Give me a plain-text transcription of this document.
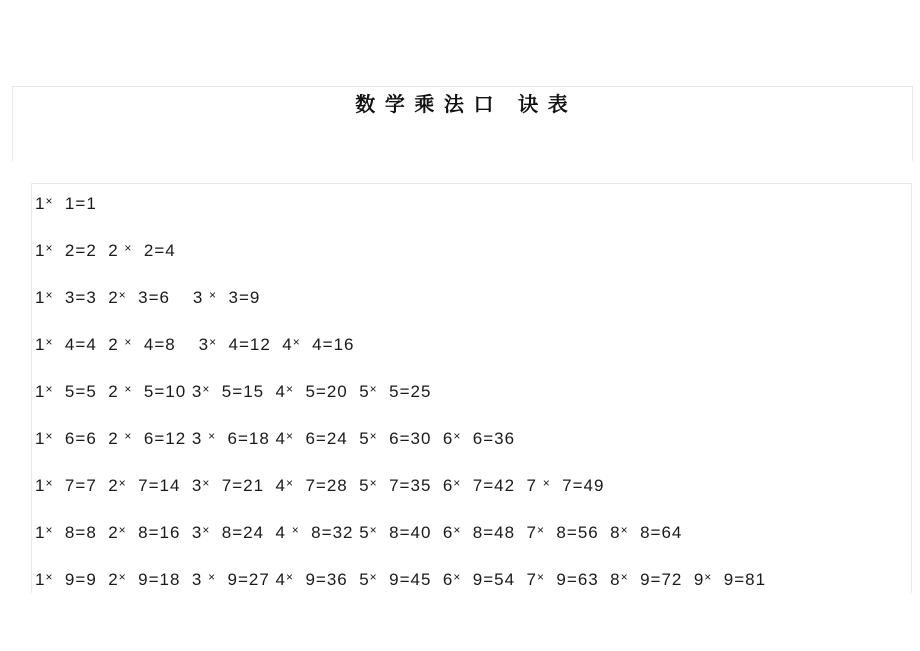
数 学 乘 法 口   诀 表
1×  1=1
1×  2=2  2 ×  2=4
1×  3=3  2×  3=6    3 ×  3=9
1×  4=4  2 ×  4=8    3×  4=12  4×  4=16
1×  5=5  2 ×  5=10 3×  5=15  4×  5=20  5×  5=25
1×  6=6  2 ×  6=12 3 ×  6=18 4×  6=24  5×  6=30  6×  6=36
1×  7=7  2×  7=14  3×  7=21  4×  7=28  5×  7=35  6×  7=42  7 ×  7=49
1×  8=8  2×  8=16  3×  8=24  4 ×  8=32 5×  8=40  6×  8=48  7×  8=56  8×  8=64
1×  9=9  2×  9=18  3 ×  9=27 4×  9=36  5×  9=45  6×  9=54  7×  9=63  8×  9=72  9×  9=81
